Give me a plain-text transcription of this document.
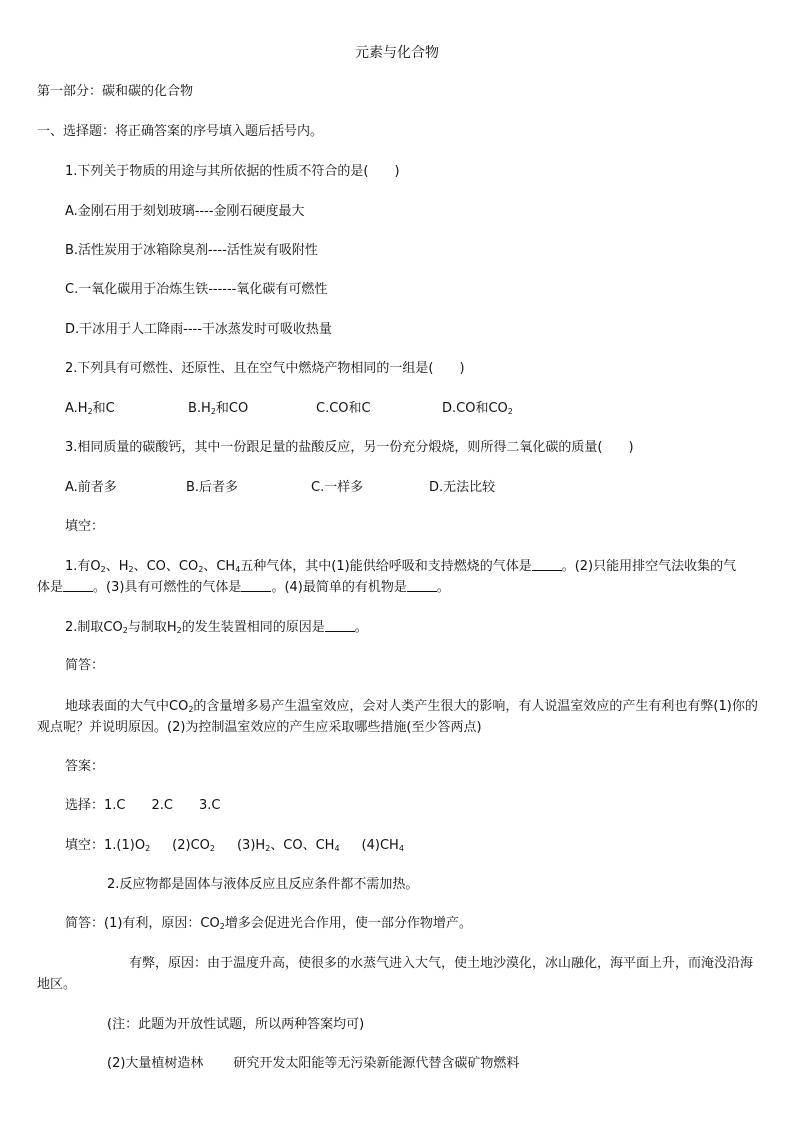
元素与化合物
第一部分：碳和碳的化合物
一、选择题：将正确答案的序号填入题后括号内。
1.下列关于物质的用途与其所依据的性质不符合的是( )
A.金刚石用于刻划玻璃----金刚石硬度最大
B.活性炭用于冰箱除臭剂----活性炭有吸附性
C.一氧化碳用于冶炼生铁------氧化碳有可燃性
D.干冰用于人工降雨----干冰蒸发时可吸收热量
2.下列具有可燃性、还原性、且在空气中燃烧产物相同的一组是( )
$A.H_2$和C	$B.H_2$和CO	C.CO和C	D.CO和$CO_2$
3.相同质量的碳酸钙，其中一份跟足量的盐酸反应，另一份充分煅烧，则所得二氧化碳的质量( )
A.前者多	B.后者多	C.一样多	D.无法比较
填空：
1.有$O_2$、$H_2$、CO、$CO_2$、$CH_4$五种气体，其中(1)能供给呼吸和支持燃烧的气体是 。(2)只能用排空气法收集的气
体是 。(3)具有可燃性的气体是 。(4)最简单的有机物是 。
2.制取$CO_2$与制取$H_2$的发生装置相同的原因是 。
简答：
地球表面的大气中$CO_2$的含量增多易产生温室效应，会对人类产生很大的影响，有人说温室效应的产生有利也有弊(1)你的观点呢？并说明原因。(2)为控制温室效应的产生应采取哪些措施(至少答两点)
答案：
选择：1.C　　2.C　　3.C
填空：$1.(1)O_2$ $(2)CO_2$ $(3)H_2$、CO、$CH_4$ $(4)CH_4$
2.反应物都是固体与液体反应且反应条件都不需加热。
简答：(1)有利，原因：$CO_2$增多会促进光合作用，使一部分作物增产。
有弊，原因：由于温度升高，使很多的水蒸气进入大气，使土地沙漠化，冰山融化，海平面上升，而淹没沿海地区。
(注：此题为开放性试题，所以两种答案均可)
(2)大量植树造林 研究开发太阳能等无污染新能源代替含碳矿物燃料
